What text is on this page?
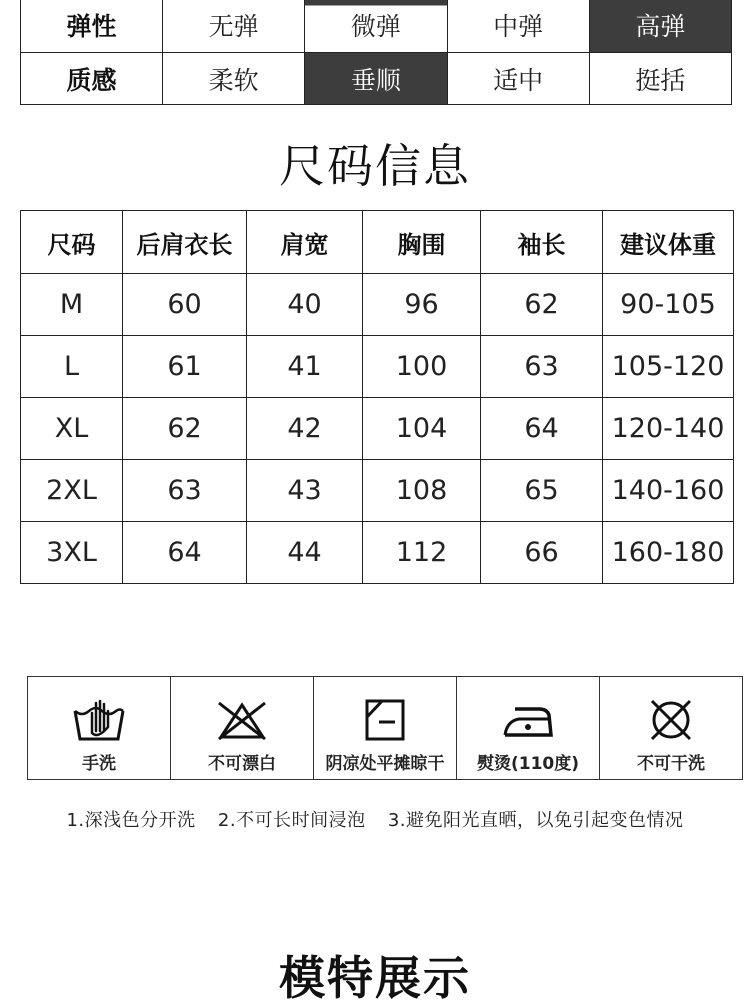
弹性	无弹	微弹	中弹	高弹
质感	柔软	垂顺	适中	挺括
尺码信息
尺码	后肩衣长	肩宽	胸围	袖长	建议体重
M	60	40	96	62	90-105
L	61	41	100	63	105-120
XL	62	42	104	64	120-140
2XL	63	43	108	65	140-160
3XL	64	44	112	66	160-180
手洗	不可漂白	阴凉处平摊晾干 熨烫(110度)	不可干洗
1.深浅色分开洗 2.不可长时间浸泡 3.避免阳光直晒，以免引起变色情况
模特展示
